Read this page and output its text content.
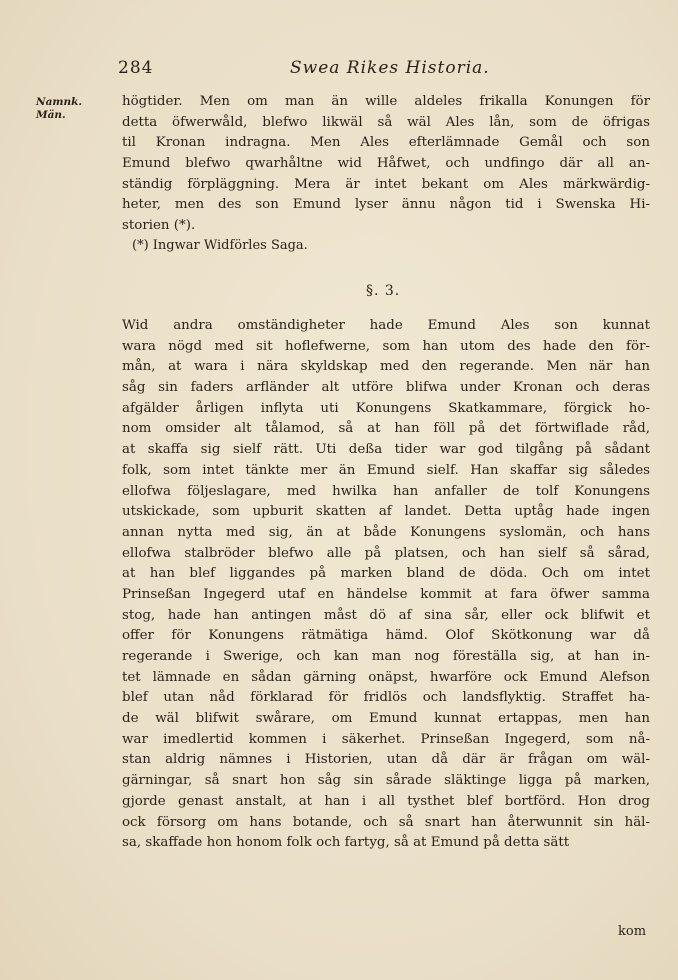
284	Swea Rikes Historia.
Namnk.
Män.
högtider. Men om man än wille aldeles frikalla Konungen för
detta öfwerwåld, blefwo likwäl så wäl Ales lån, som de öfrigas
til Kronan indragna. Men Ales efterlämnade Gemål och son
Emund blefwo qwarhåltne wid Håfwet, och undfingo där all an-
ständig förpläggning. Mera är intet bekant om Ales märkwärdig-
heter, men des son Emund lyser ännu någon tid i Swenska Hi-
storien (*).
(*) Ingwar Widförles Saga.
§. 3.
Wid andra omständigheter hade Emund Ales son kunnat
wara nögd med sit hoflefwerne, som han utom des hade den för-
mån, at wara i nära skyldskap med den regerande. Men när han
såg sin faders arfländer alt utföre blifwa under Kronan och deras
afgälder årligen inflyta uti Konungens Skatkammare, förgick ho-
nom omsider alt tålamod, så at han föll på det förtwiflade råd,
at skaffa sig sielf rätt. Uti deßa tider war god tilgång på sådant
folk, som intet tänkte mer än Emund sielf. Han skaffar sig således
ellofwa följeslagare, med hwilka han anfaller de tolf Konungens
utskickade, som upburit skatten af landet. Detta uptåg hade ingen
annan nytta med sig, än at både Konungens syslomän, och hans
ellofwa stalbröder blefwo alle på platsen, och han sielf så sårad,
at han blef liggandes på marken bland de döda. Och om intet
Prinseßan Ingegerd utaf en händelse kommit at fara öfwer samma
stog, hade han antingen måst dö af sina sår, eller ock blifwit et
offer för Konungens rätmätiga hämd. Olof Skötkonung war då
regerande i Swerige, och kan man nog föreställa sig, at han in-
tet lämnade en sådan gärning onäpst, hwarföre ock Emund Alefson
blef utan nåd förklarad för fridlös och landsflyktig. Straffet ha-
de wäl blifwit swårare, om Emund kunnat ertappas, men han
war imedlertid kommen i säkerhet. Prinseßan Ingegerd, som nå-
stan aldrig nämnes i Historien, utan då där är frågan om wäl-
gärningar, så snart hon såg sin sårade släktinge ligga på marken,
gjorde genast anstalt, at han i all tysthet blef bortförd. Hon drog
ock försorg om hans botande, och så snart han återwunnit sin häl-
sa, skaffade hon honom folk och fartyg, så at Emund på detta sätt
kom
